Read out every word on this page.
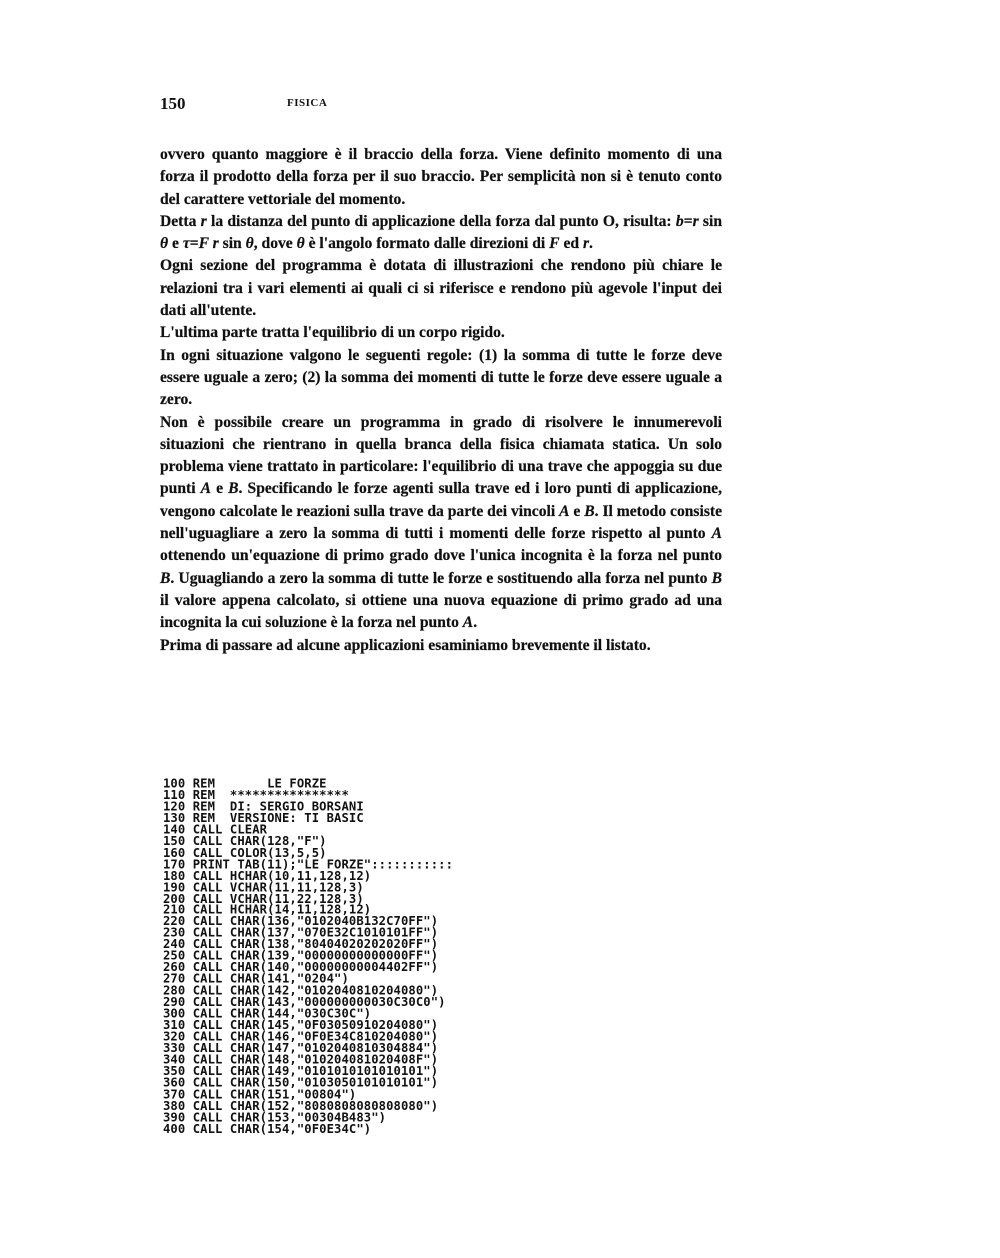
150	FISICA

ovvero quanto maggiore è il braccio della forza. Viene definito momento di una forza il prodotto della forza per il suo braccio. Per semplicità non si è tenuto conto del carattere vettoriale del momento.

Detta r la distanza del punto di applicazione della forza dal punto O, risulta: b=r sin θ e τ=F r sin θ, dove θ è l'angolo formato dalle direzioni di F ed r.

Ogni sezione del programma è dotata di illustrazioni che rendono più chiare le relazioni tra i vari elementi ai quali ci si riferisce e rendono più agevole l'input dei dati all'utente.

L'ultima parte tratta l'equilibrio di un corpo rigido.

In ogni situazione valgono le seguenti regole: (1) la somma di tutte le forze deve essere uguale a zero; (2) la somma dei momenti di tutte le forze deve essere uguale a zero.

Non è possibile creare un programma in grado di risolvere le innumerevoli situazioni che rientrano in quella branca della fisica chiamata statica. Un solo problema viene trattato in particolare: l'equilibrio di una trave che appoggia su due punti A e B. Specificando le forze agenti sulla trave ed i loro punti di applicazione, vengono calcolate le reazioni sulla trave da parte dei vincoli A e B. Il metodo consiste nell'uguagliare a zero la somma di tutti i momenti delle forze rispetto al punto A ottenendo un'equazione di primo grado dove l'unica incognita è la forza nel punto B. Uguagliando a zero la somma di tutte le forze e sostituendo alla forza nel punto B il valore appena calcolato, si ottiene una nuova equazione di primo grado ad una incognita la cui soluzione è la forza nel punto A.

Prima di passare ad alcune applicazioni esaminiamo brevemente il listato.

100 REM       LE FORZE
110 REM  ****************
120 REM  DI: SERGIO BORSANI
130 REM  VERSIONE: TI BASIC
140 CALL CLEAR
150 CALL CHAR(128,"F")
160 CALL COLOR(13,5,5)
170 PRINT TAB(11);"LE FORZE":::::::::::
180 CALL HCHAR(10,11,128,12)
190 CALL VCHAR(11,11,128,3)
200 CALL VCHAR(11,22,128,3)
210 CALL HCHAR(14,11,128,12)
220 CALL CHAR(136,"0102040B132C70FF")
230 CALL CHAR(137,"070E32C1010101FF")
240 CALL CHAR(138,"80404020202020FF")
250 CALL CHAR(139,"00000000000000FF")
260 CALL CHAR(140,"00000000004402FF")
270 CALL CHAR(141,"0204")
280 CALL CHAR(142,"0102040810204080")
290 CALL CHAR(143,"000000000030C30C0")
300 CALL CHAR(144,"030C30C")
310 CALL CHAR(145,"0F03050910204080")
320 CALL CHAR(146,"0F0E34C810204080")
330 CALL CHAR(147,"0102040810304884")
340 CALL CHAR(148,"010204081020408F")
350 CALL CHAR(149,"0101010101010101")
360 CALL CHAR(150,"0103050101010101")
370 CALL CHAR(151,"00804")
380 CALL CHAR(152,"8080808080808080")
390 CALL CHAR(153,"00304B483")
400 CALL CHAR(154,"0F0E34C")
